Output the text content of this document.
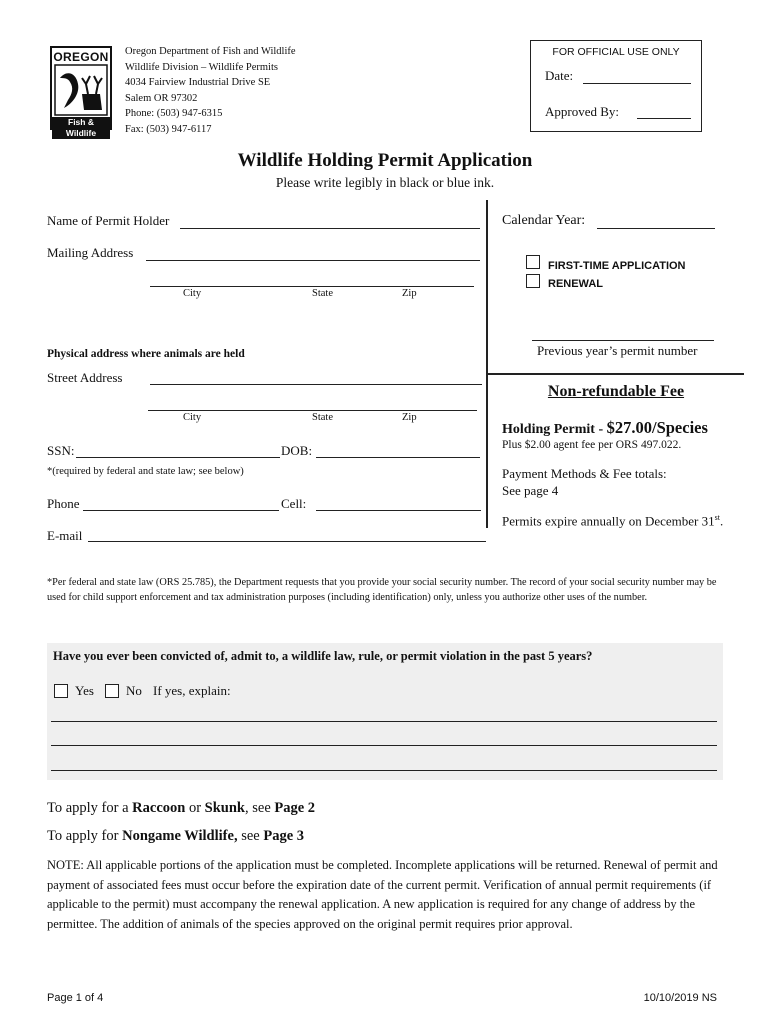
OREGON
Fish & Wildlife
Oregon Department of Fish and Wildlife
Wildlife Division – Wildlife Permits
4034 Fairview Industrial Drive SE
Salem OR 97302
Phone: (503) 947-6315
Fax: (503) 947-6117
FOR OFFICIAL USE ONLY
Date:
Approved By:
Wildlife Holding Permit Application
Please write legibly in black or blue ink.
Name of Permit Holder
Mailing Address
City	State	Zip
Physical address where animals are held
Street Address
City	State	Zip
SSN:	DOB:
*(required by federal and state law; see below)
Phone	Cell:
E-mail
Calendar Year:
FIRST-TIME APPLICATION
RENEWAL
Previous year’s permit number
Non-refundable Fee
Holding Permit - $27.00/Species
Plus $2.00 agent fee per ORS 497.022.
Payment Methods & Fee totals:
See page 4
Permits expire annually on December 31st.
*Per federal and state law (ORS 25.785), the Department requests that you provide your social security number. The record of your social security number may be used for child support enforcement and tax administration purposes (including identification) only, unless you authorize other uses of the number.
Have you ever been convicted of, admit to, a wildlife law, rule, or permit violation in the past 5 years?
Yes No If yes, explain:
To apply for a Raccoon or Skunk, see Page 2
To apply for Nongame Wildlife, see Page 3
NOTE: All applicable portions of the application must be completed. Incomplete applications will be returned. Renewal of permit and payment of associated fees must occur before the expiration date of the current permit. Verification of annual permit requirements (if applicable to the permit) must accompany the renewal application. A new application is required for any change of address by the permittee. The addition of animals of the species approved on the original permit requires prior approval.
Page 1 of 4	10/10/2019 NS
